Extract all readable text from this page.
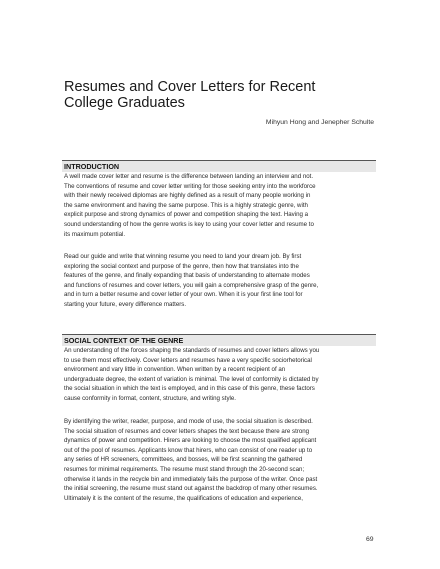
Resumes and Cover Letters for Recent
College Graduates
Mihyun Hong and Jenepher Schulte
INTRODUCTION
A well made cover letter and resume is the difference between landing an interview and not.
The conventions of resume and cover letter writing for those seeking entry into the workforce
with their newly received diplomas are highly defined as a result of many people working in
the same environment and having the same purpose. This is a highly strategic genre, with
explicit purpose and strong dynamics of power and competition shaping the text. Having a
sound understanding of how the genre works is key to using your cover letter and resume to
its maximum potential.
Read our guide and write that winning resume you need to land your dream job. By first
exploring the social context and purpose of the genre, then how that translates into the
features of the genre, and finally expanding that basis of understanding to alternate modes
and functions of resumes and cover letters, you will gain a comprehensive grasp of the genre,
and in turn a better resume and cover letter of your own. When it is your first line tool for
starting your future, every difference matters.
SOCIAL CONTEXT OF THE GENRE
An understanding of the forces shaping the standards of resumes and cover letters allows you
to use them most effectively. Cover letters and resumes have a very specific sociorhetorical
environment and vary little in convention. When written by a recent recipient of an
undergraduate degree, the extent of variation is minimal. The level of conformity is dictated by
the social situation in which the text is employed, and in this case of this genre, these factors
cause conformity in format, content, structure, and writing style.
By identifying the writer, reader, purpose, and mode of use, the social situation is described.
The social situation of resumes and cover letters shapes the text because there are strong
dynamics of power and competition. Hirers are looking to choose the most qualified applicant
out of the pool of resumes. Applicants know that hirers, who can consist of one reader up to
any series of HR screeners, committees, and bosses, will be first scanning the gathered
resumes for minimal requirements. The resume must stand through the 20-second scan;
otherwise it lands in the recycle bin and immediately fails the purpose of the writer. Once past
the initial screening, the resume must stand out against the backdrop of many other resumes.
Ultimately it is the content of the resume, the qualifications of education and experience,
69
